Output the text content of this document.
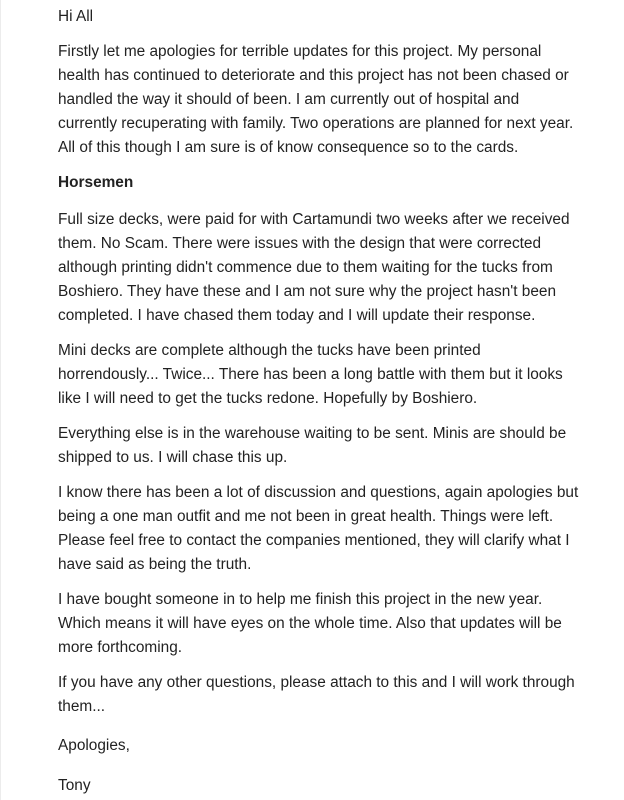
Hi All

Firstly let me apologies for terrible updates for this project. My personal
health has continued to deteriorate and this project has not been chased or
handled the way it should of been. I am currently out of hospital and
currently recuperating with family. Two operations are planned for next year.
All of this though I am sure is of know consequence so to the cards.

Horsemen

Full size decks, were paid for with Cartamundi two weeks after we received
them. No Scam. There were issues with the design that were corrected
although printing didn't commence due to them waiting for the tucks from
Boshiero. They have these and I am not sure why the project hasn't been
completed. I have chased them today and I will update their response.

Mini decks are complete although the tucks have been printed
horrendously... Twice... There has been a long battle with them but it looks
like I will need to get the tucks redone. Hopefully by Boshiero.

Everything else is in the warehouse waiting to be sent. Minis are should be
shipped to us. I will chase this up.

I know there has been a lot of discussion and questions, again apologies but
being a one man outfit and me not been in great health. Things were left.
Please feel free to contact the companies mentioned, they will clarify what I
have said as being the truth.

I have bought someone in to help me finish this project in the new year.
Which means it will have eyes on the whole time. Also that updates will be
more forthcoming.

If you have any other questions, please attach to this and I will work through
them...

Apologies,

Tony
